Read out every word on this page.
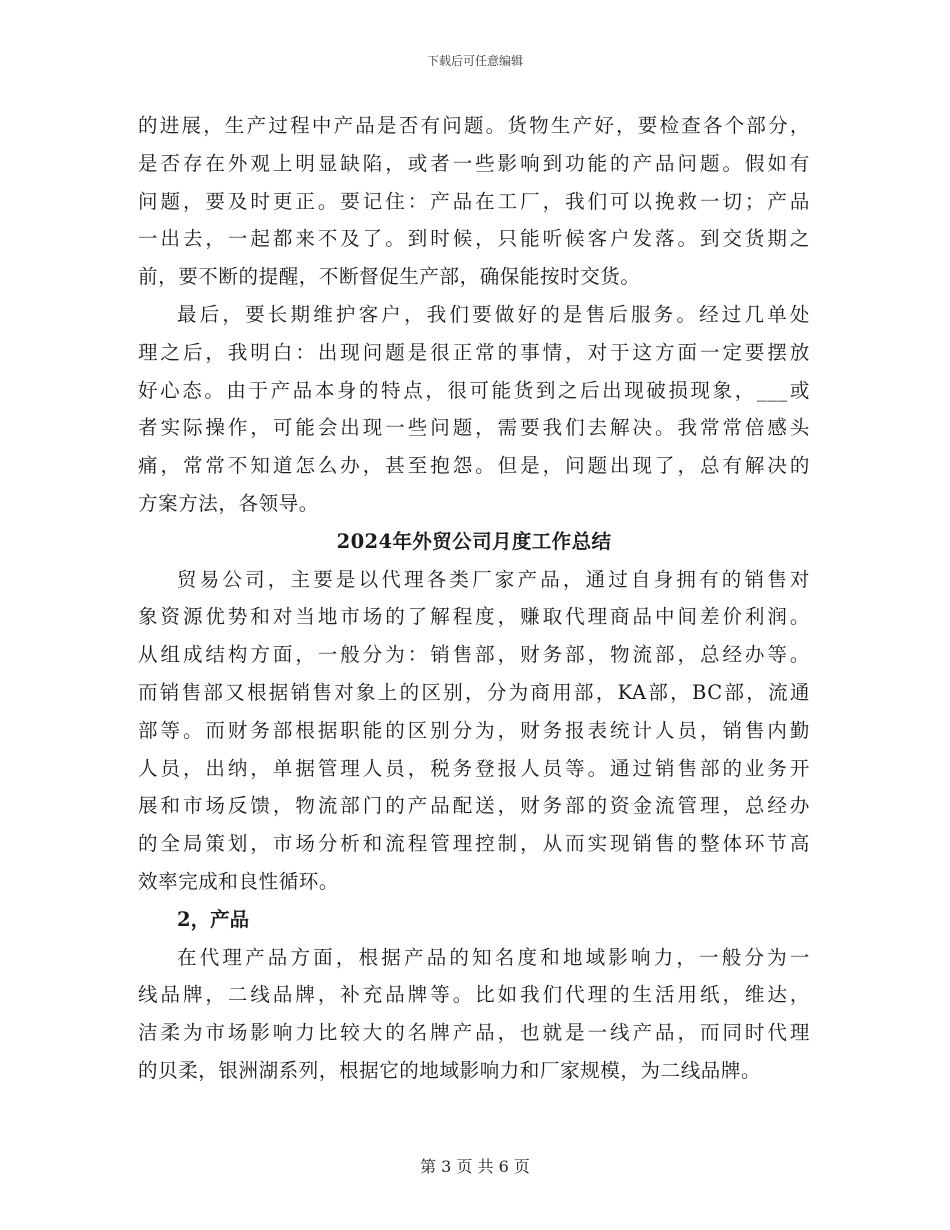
下载后可任意编辑
的进展，生产过程中产品是否有问题。货物生产好，要检查各个部分，
是否存在外观上明显缺陷，或者一些影响到功能的产品问题。假如有
问题，要及时更正。要记住：产品在工厂，我们可以挽救一切；产品
一出去，一起都来不及了。到时候，只能听候客户发落。到交货期之
前，要不断的提醒，不断督促生产部，确保能按时交货。
最后，要长期维护客户，我们要做好的是售后服务。经过几单处
理之后，我明白：出现问题是很正常的事情，对于这方面一定要摆放
好心态。由于产品本身的特点，很可能货到之后出现破损现象，___或
者实际操作，可能会出现一些问题，需要我们去解决。我常常倍感头
痛，常常不知道怎么办，甚至抱怨。但是，问题出现了，总有解决的
方案方法，各领导。
2024年外贸公司月度工作总结
贸易公司，主要是以代理各类厂家产品，通过自身拥有的销售对
象资源优势和对当地市场的了解程度，赚取代理商品中间差价利润。
从组成结构方面，一般分为：销售部，财务部，物流部，总经办等。
而销售部又根据销售对象上的区别，分为商用部，KA部，BC部，流通
部等。而财务部根据职能的区别分为，财务报表统计人员，销售内勤
人员，出纳，单据管理人员，税务登报人员等。通过销售部的业务开
展和市场反馈，物流部门的产品配送，财务部的资金流管理，总经办
的全局策划，市场分析和流程管理控制，从而实现销售的整体环节高
效率完成和良性循环。
2，产品
在代理产品方面，根据产品的知名度和地域影响力，一般分为一
线品牌，二线品牌，补充品牌等。比如我们代理的生活用纸，维达，
洁柔为市场影响力比较大的名牌产品，也就是一线产品，而同时代理
的贝柔，银洲湖系列，根据它的地域影响力和厂家规模，为二线品牌。
第 3 页 共 6 页
